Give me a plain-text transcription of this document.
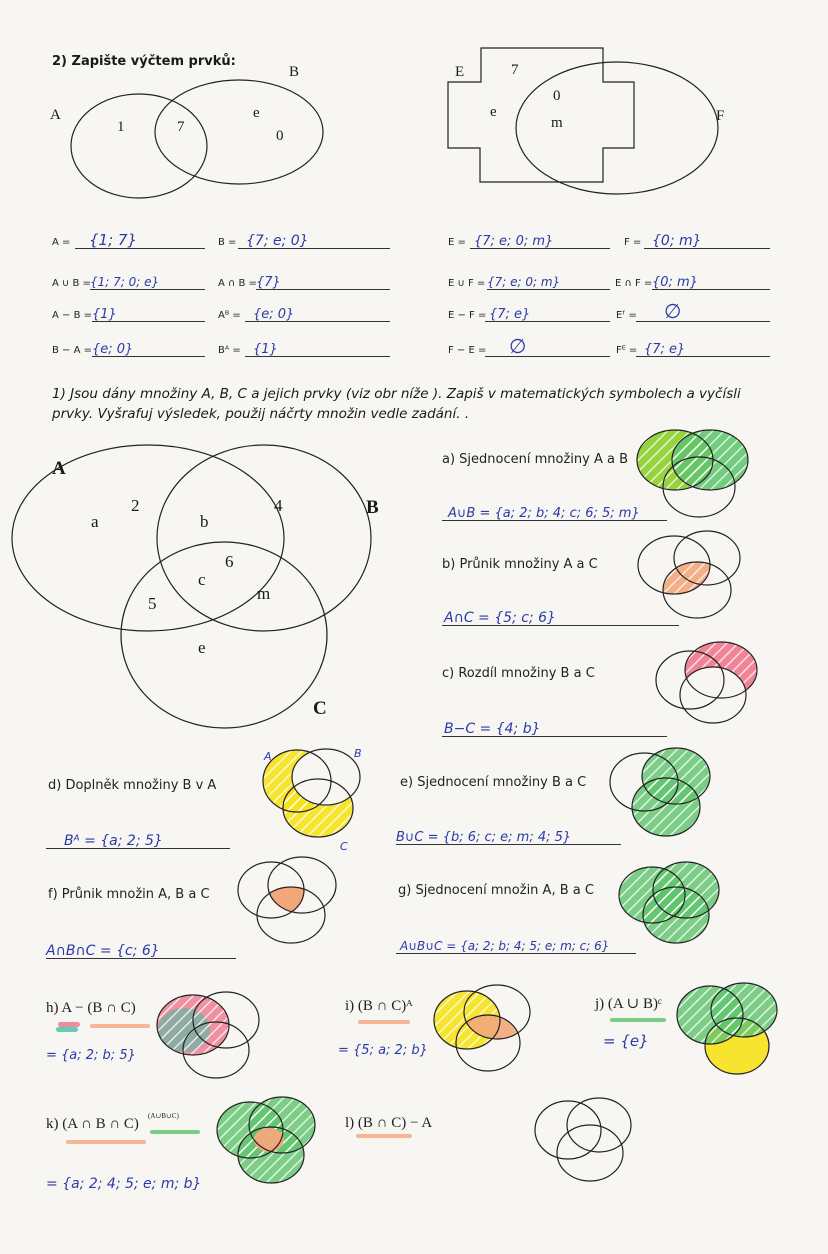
2) Zapište výčtem prvků:
A
B
1	7
e
0
E
F
7
e
0
m
A =	{1; 7}	B = {7; e; 0}
A ∪ B = {1; 7; 0; e}	A ∩ B = {7}
A − B = {1}	Aᴮ = {e; 0}
B − A = {e; 0}	Bᴬ = {1}
E = {7; e; 0; m}	F = {0; m}
E ∪ F = {7; e; 0; m}	E ∩ F = {0; m}
E − F = {7; e}	Eᶠ =	∅
F − E =	∅	Fᴱ = {7; e}
1) Jsou dány množiny A, B, C a jejich prvky (viz obr níže ). Zapiš v matematických symbolech a vyčísli
prvky. Vyšrafuj výsledek, použij náčrty množin vedle zadání. .
A
B
C
a
2
b
4
6
c
5
m
e
a) Sjednocení množiny A a B
A∪B = {a; 2; b; 4; c; 6; 5; m}
b) Průnik množiny A a C
A∩C = {5; c; 6}
c) Rozdíl množiny B a C
B−C = {4; b}
d) Doplněk množiny B v A
A	B
C
Bᴬ = {a; 2; 5}
e) Sjednocení množiny B a C
B∪C = {b; 6; c; e; m; 4; 5}
f) Průnik množin A, B a C
A∩B∩C = {c; 6}
g) Sjednocení množin A, B a C
A∪B∪C = {a; 2; b; 4; 5; e; m; c; 6}
h) A − (B ∩ C)
= {a; 2; b; 5}
i) (B ∩ C)ᴬ
= {5; a; 2; b}
j) (A ∪ B)ᶜ
= {e}
k) (A ∩ B ∩ C) (A∪B∪C)
= {a; 2; 4; 5; e; m; b}
l) (B ∩ C) − A
